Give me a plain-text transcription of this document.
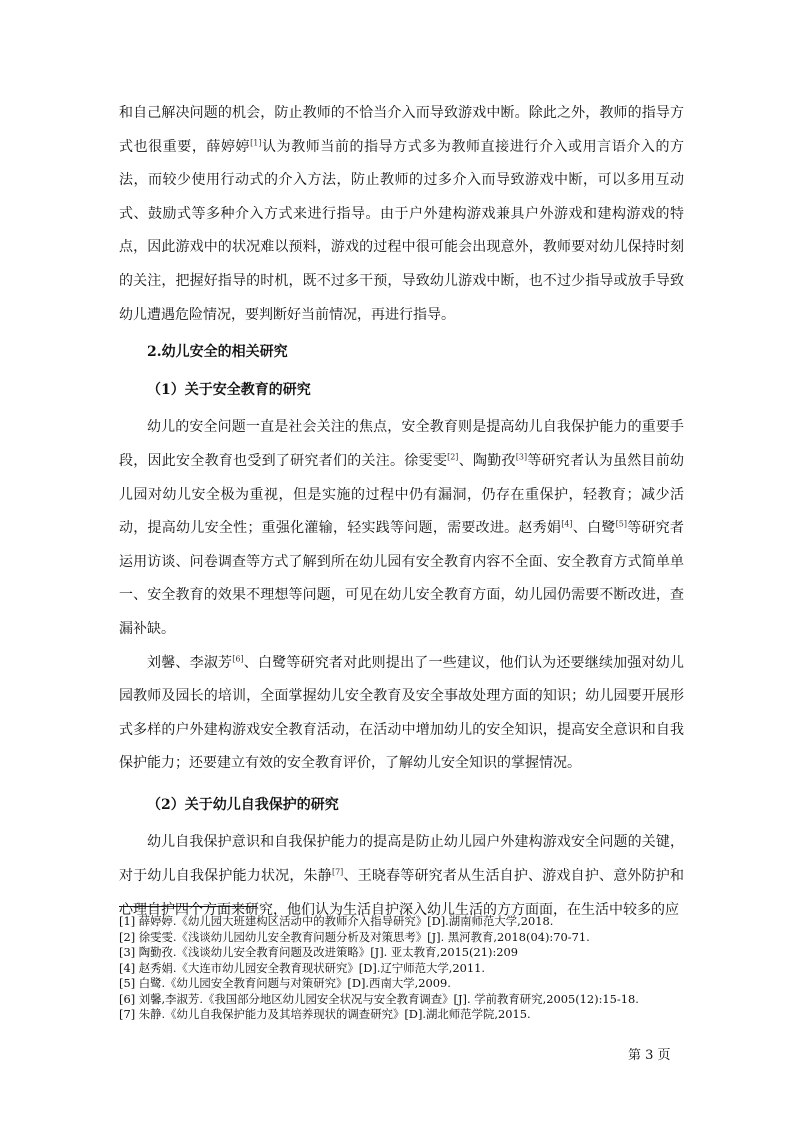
和自己解决问题的机会，防止教师的不恰当介入而导致游戏中断。除此之外，教师的指导方式也很重要，薛婷婷[1]认为教师当前的指导方式多为教师直接进行介入或用言语介入的方法，而较少使用行动式的介入方法，防止教师的过多介入而导致游戏中断，可以多用互动式、鼓励式等多种介入方式来进行指导。由于户外建构游戏兼具户外游戏和建构游戏的特点，因此游戏中的状况难以预料，游戏的过程中很可能会出现意外，教师要对幼儿保持时刻的关注，把握好指导的时机，既不过多干预，导致幼儿游戏中断，也不过少指导或放手导致幼儿遭遇危险情况，要判断好当前情况，再进行指导。

2.幼儿安全的相关研究

（1）关于安全教育的研究

幼儿的安全问题一直是社会关注的焦点，安全教育则是提高幼儿自我保护能力的重要手段，因此安全教育也受到了研究者们的关注。徐雯雯[2]、陶勤孜[3]等研究者认为虽然目前幼儿园对幼儿安全极为重视，但是实施的过程中仍有漏洞，仍存在重保护，轻教育；减少活动，提高幼儿安全性；重强化灌输，轻实践等问题，需要改进。赵秀娟[4]、白鹭[5]等研究者运用访谈、问卷调查等方式了解到所在幼儿园有安全教育内容不全面、安全教育方式简单单一、安全教育的效果不理想等问题，可见在幼儿安全教育方面，幼儿园仍需要不断改进，查漏补缺。

刘馨、李淑芳[6]、白鹭等研究者对此则提出了一些建议，他们认为还要继续加强对幼儿园教师及园长的培训，全面掌握幼儿安全教育及安全事故处理方面的知识；幼儿园要开展形式多样的户外建构游戏安全教育活动，在活动中增加幼儿的安全知识，提高安全意识和自我保护能力；还要建立有效的安全教育评价，了解幼儿安全知识的掌握情况。

（2）关于幼儿自我保护的研究

幼儿自我保护意识和自我保护能力的提高是防止幼儿园户外建构游戏安全问题的关键，对于幼儿自我保护能力状况，朱静[7]、王晓春等研究者从生活自护、游戏自护、意外防护和心理自护四个方面来研究，他们认为生活自护深入幼儿生活的方方面面，在生活中较多的应

[1] 薛婷婷.《幼儿园大班建构区活动中的教师介入指导研究》[D].湖南师范大学,2018.
[2] 徐雯雯.《浅谈幼儿园幼儿安全教育问题分析及对策思考》[J]. 黑河教育,2018(04):70-71.
[3] 陶勤孜.《浅谈幼儿安全教育问题及改进策略》[J]. 亚太教育,2015(21):209
[4] 赵秀娟.《大连市幼儿园安全教育现状研究》[D].辽宁师范大学,2011.
[5] 白鹭.《幼儿园安全教育问题与对策研究》[D].西南大学,2009.
[6] 刘馨,李淑芳.《我国部分地区幼儿园安全状况与安全教育调查》[J]. 学前教育研究,2005(12):15-18.
[7] 朱静.《幼儿自我保护能力及其培养现状的调查研究》[D].湖北师范学院,2015.
第 3 页
